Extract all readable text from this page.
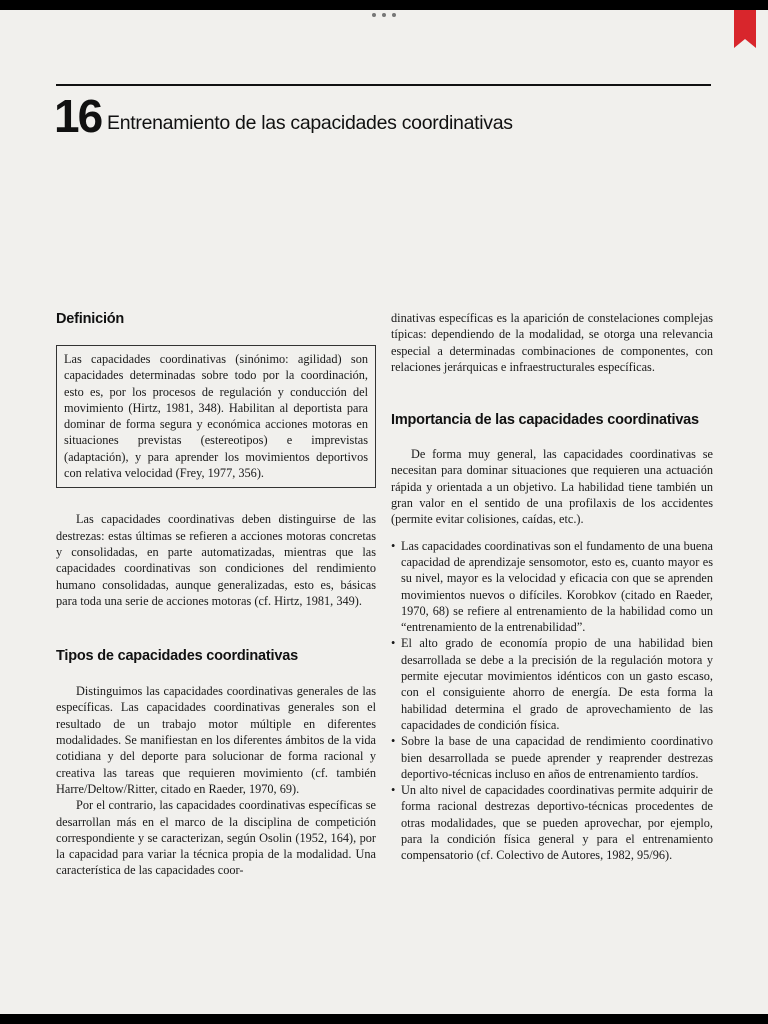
16 Entrenamiento de las capacidades coordinativas
Definición

Las capacidades coordinativas (sinónimo: agilidad) son capacidades determinadas sobre todo por la coordinación, esto es, por los procesos de regulación y conducción del movimiento (Hirtz, 1981, 348). Habilitan al deportista para dominar de forma segura y económica acciones motoras en situaciones previstas (estereotipos) e imprevistas (adaptación), y para aprender los movimientos deportivos con relativa velocidad (Frey, 1977, 356).

Las capacidades coordinativas deben distinguirse de las destrezas: estas últimas se refieren a acciones motoras concretas y consolidadas, en parte automatizadas, mientras que las capacidades coordinativas son condiciones del rendimiento humano consolidadas, aunque generalizadas, esto es, básicas para toda una serie de acciones motoras (cf. Hirtz, 1981, 349).

Tipos de capacidades coordinativas

Distinguimos las capacidades coordinativas generales de las específicas. Las capacidades coordinativas generales son el resultado de un trabajo motor múltiple en diferentes modalidades. Se manifiestan en los diferentes ámbitos de la vida cotidiana y del deporte para solucionar de forma racional y creativa las tareas que requieren movimiento (cf. también Harre/Deltow/Ritter, citado en Raeder, 1970, 69).

Por el contrario, las capacidades coordinativas específicas se desarrollan más en el marco de la disciplina de competición correspondiente y se caracterizan, según Osolin (1952, 164), por la capacidad para variar la técnica propia de la modalidad. Una característica de las capacidades coor-

dinativas específicas es la aparición de constelaciones complejas típicas: dependiendo de la modalidad, se otorga una relevancia especial a determinadas combinaciones de componentes, con relaciones jerárquicas e infraestructurales específicas.

Importancia de las capacidades coordinativas

De forma muy general, las capacidades coordinativas se necesitan para dominar situaciones que requieren una actuación rápida y orientada a un objetivo. La habilidad tiene también un gran valor en el sentido de una profilaxis de los accidentes (permite evitar colisiones, caídas, etc.).

• Las capacidades coordinativas son el fundamento de una buena capacidad de aprendizaje sensomotor, esto es, cuanto mayor es su nivel, mayor es la velocidad y eficacia con que se aprenden movimientos nuevos o difíciles. Korobkov (citado en Raeder, 1970, 68) se refiere al entrenamiento de la habilidad como un “entrenamiento de la entrenabilidad”.
• El alto grado de economía propio de una habilidad bien desarrollada se debe a la precisión de la regulación motora y permite ejecutar movimientos idénticos con un gasto escaso, con el consiguiente ahorro de energía. De esta forma la habilidad determina el grado de aprovechamiento de las capacidades de condición física.
• Sobre la base de una capacidad de rendimiento coordinativo bien desarrollada se puede aprender y reaprender destrezas deportivo-técnicas incluso en años de entrenamiento tardíos.
• Un alto nivel de capacidades coordinativas permite adquirir de forma racional destrezas deportivo-técnicas procedentes de otras modalidades, que se pueden aprovechar, por ejemplo, para la condición física general y para el entrenamiento compensatorio (cf. Colectivo de Autores, 1982, 95/96).
